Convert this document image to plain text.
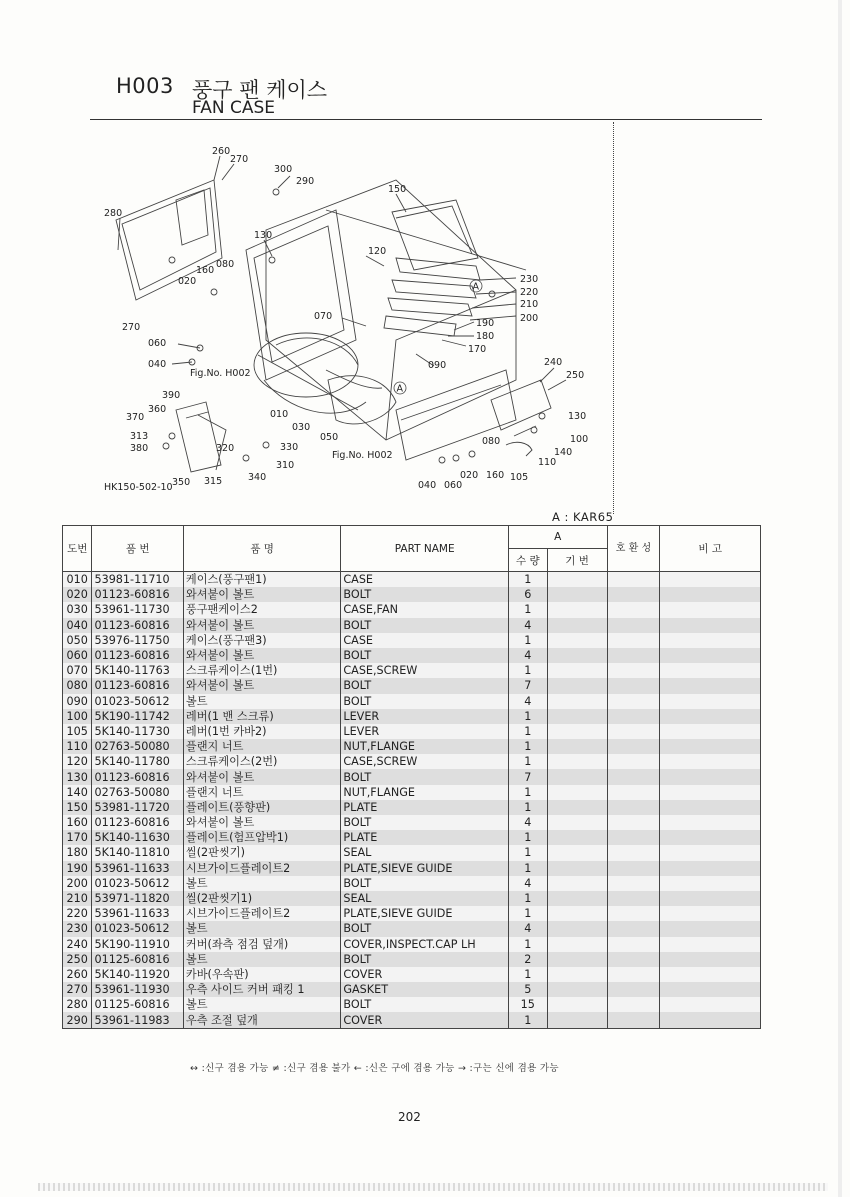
H003 풍구 팬 케이스
FAN CASE
260
270
300
290
150
280
130
120
160
080
020
270
230
220
210
070	200
190
180
170
060
040	090	240
250
390
010
030
370
360
130
050	100
313
380	320	330
080
140
310	110
340
350 315	040 060
020 160 105
Fig.No. H002
Fig.No. H002
A
A
HK150-502-10
A : KAR65
도번	품 번	품 명	PART NAME	A		호 환 성	비 고
				수 량	기 번		
010	53981-11710	케이스(풍구팬1)	CASE	1			
020	01123-60816	와셔붙이 볼트	BOLT	6			
030	53961-11730	풍구팬케이스2	CASE,FAN	1			
040	01123-60816	와셔붙이 볼트	BOLT	4			
050	53976-11750	케이스(풍구팬3)	CASE	1			
060	01123-60816	와셔붙이 볼트	BOLT	4			
070	5K140-11763	스크류케이스(1번)	CASE,SCREW	1			
080	01123-60816	와셔붙이 볼트	BOLT	7			
090	01023-50612	볼트	BOLT	4			
100	5K190-11742	레버(1 밴 스크류)	LEVER	1			
105	5K140-11730	레버(1번 카바2)	LEVER	1			
110	02763-50080	플랜지 너트	NUT,FLANGE	1			
120	5K140-11780	스크류케이스(2번)	CASE,SCREW	1			
130	01123-60816	와셔붙이 볼트	BOLT	7			
140	02763-50080	플랜지 너트	NUT,FLANGE	1			
150	53981-11720	플레이트(풍향판)	PLATE	1			
160	01123-60816	와셔붙이 볼트	BOLT	4			
170	5K140-11630	플레이트(험프압박1)	PLATE	1			
180	5K140-11810	씰(2판씻기)	SEAL	1			
190	53961-11633	시브가이드플레이트2	PLATE,SIEVE GUIDE	1			
200	01023-50612	볼트	BOLT	4			
210	53971-11820	씰(2판씻기1)	SEAL	1			
220	53961-11633	시브가이드플레이트2	PLATE,SIEVE GUIDE	1			
230	01023-50612	볼트	BOLT	4			
240	5K190-11910	커버(좌측 점검 덮개)	COVER,INSPECT.CAP LH	1			
250	01125-60816	볼트	BOLT	2			
260	5K140-11920	카바(우속판)	COVER	1			
270	53961-11930	우측 사이드 커버 패킹 1	GASKET	5			
280	01125-60816	볼트	BOLT	15			
290	53961-11983	우측 조절 덮개	COVER	1			
↔ :신구 겸용 가능 ≠ :신구 겸용 불가 ← :신은 구에 겸용 가능 → :구는 신에 겸용 가능
202
